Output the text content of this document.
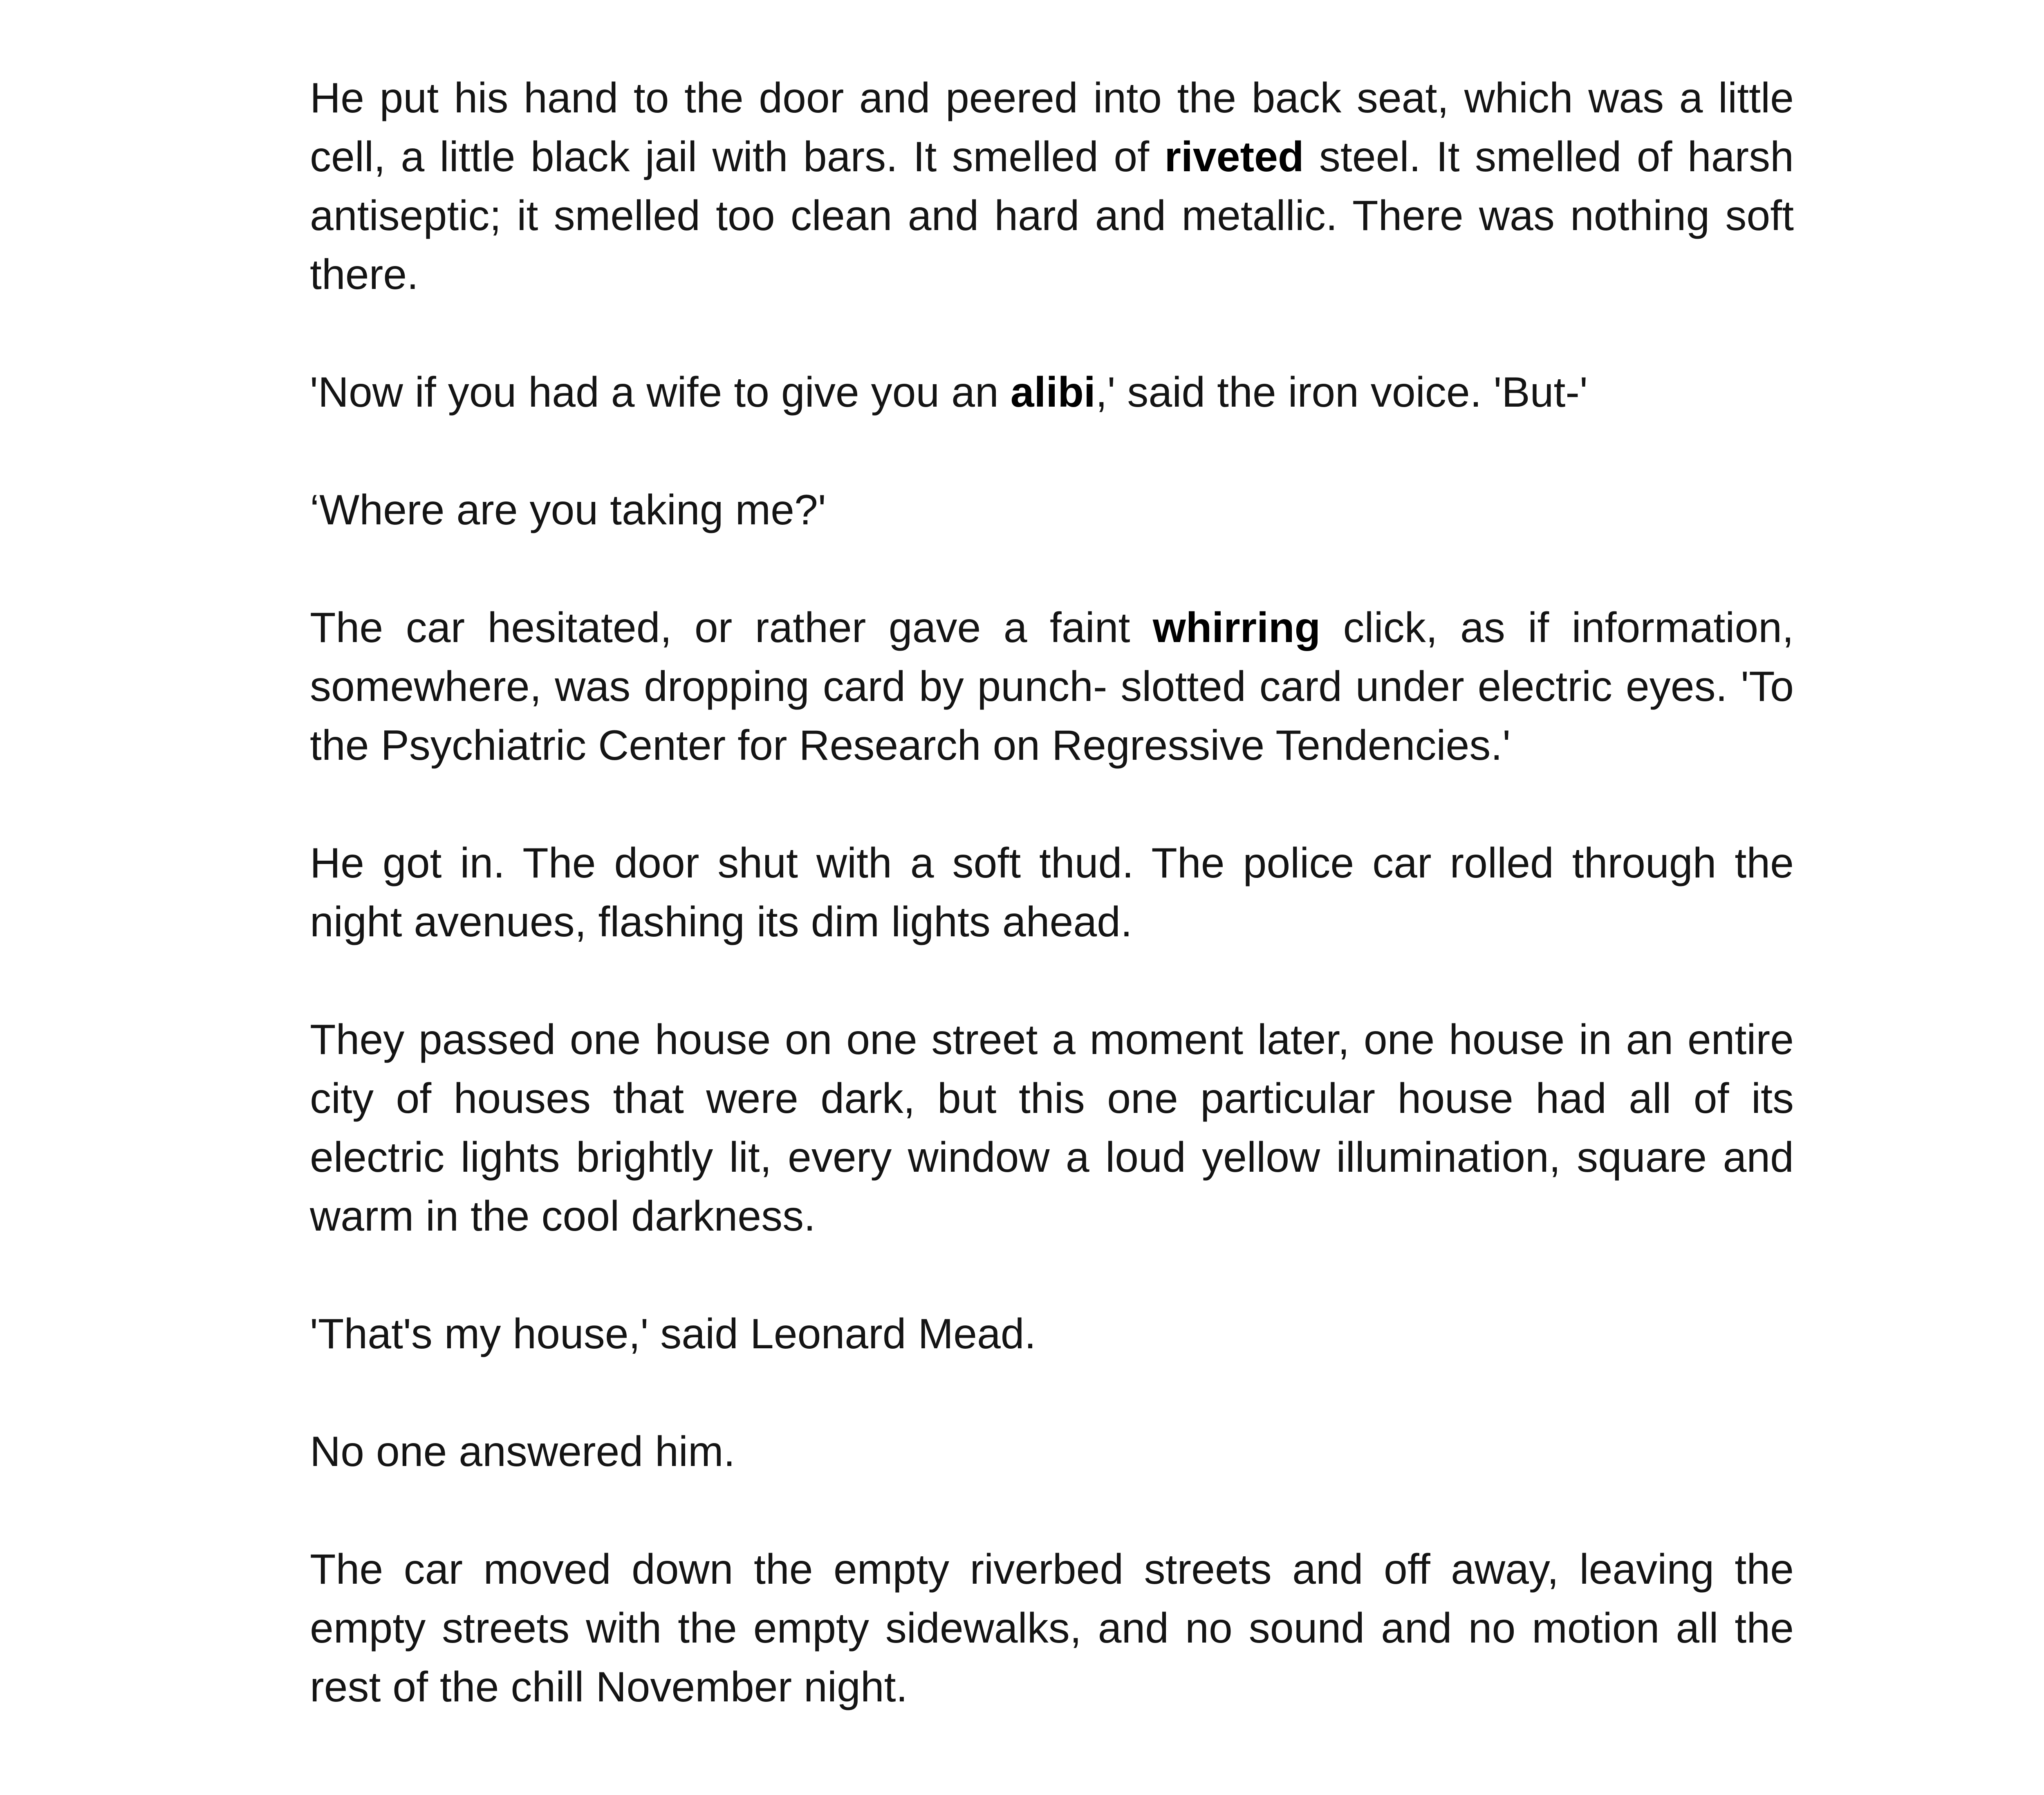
He put his hand to the door and peered into the back seat, which was a little cell, a little black jail with bars. It smelled of riveted steel. It smelled of harsh antiseptic; it smelled too clean and hard and metallic. There was nothing soft there.

'Now if you had a wife to give you an alibi,' said the iron voice. 'But-'

‘Where are you taking me?'

The car hesitated, or rather gave a faint whirring click, as if information, somewhere, was dropping card by punch- slotted card under electric eyes. 'To the Psychiatric Center for Research on Regressive Tendencies.'

He got in. The door shut with a soft thud. The police car rolled through the night avenues, flashing its dim lights ahead.

They passed one house on one street a moment later, one house in an entire city of houses that were dark, but this one particular house had all of its electric lights brightly lit, every window a loud yellow illumination, square and warm in the cool darkness.

'That's my house,' said Leonard Mead.

No one answered him.

The car moved down the empty riverbed streets and off away, leaving the empty streets with the empty sidewalks, and no sound and no motion all the rest of the chill November night.
